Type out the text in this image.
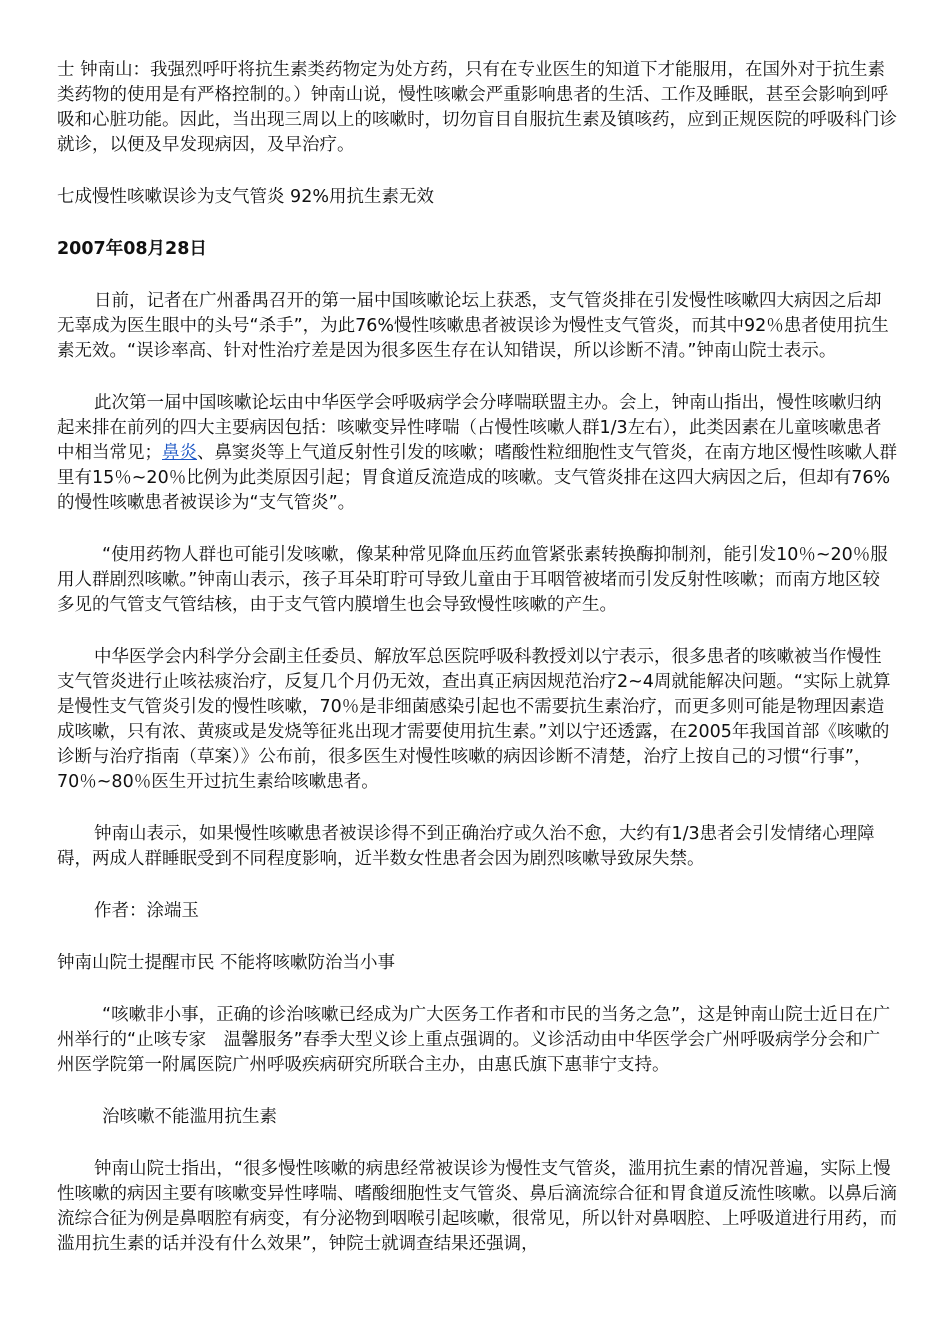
士 钟南山：我强烈呼吁将抗生素类药物定为处方药，只有在专业医生的知道下才能服用，在国外对于抗生素类药物的使用是有严格控制的。）钟南山说，慢性咳嗽会严重影响患者的生活、工作及睡眠，甚至会影响到呼吸和心脏功能。因此，当出现三周以上的咳嗽时，切勿盲目自服抗生素及镇咳药，应到正规医院的呼吸科门诊就诊，以便及早发现病因，及早治疗。

七成慢性咳嗽误诊为支气管炎 92%用抗生素无效

2007年08月28日

日前，记者在广州番禺召开的第一届中国咳嗽论坛上获悉，支气管炎排在引发慢性咳嗽四大病因之后却无辜成为医生眼中的头号“杀手”，为此76%慢性咳嗽患者被误诊为慢性支气管炎，而其中92％患者使用抗生素无效。“误诊率高、针对性治疗差是因为很多医生存在认知错误，所以诊断不清。”钟南山院士表示。

此次第一届中国咳嗽论坛由中华医学会呼吸病学会分哮喘联盟主办。会上，钟南山指出，慢性咳嗽归纳起来排在前列的四大主要病因包括：咳嗽变异性哮喘（占慢性咳嗽人群1/3左右），此类因素在儿童咳嗽患者中相当常见；鼻炎、鼻窦炎等上气道反射性引发的咳嗽；嗜酸性粒细胞性支气管炎，在南方地区慢性咳嗽人群里有15％~20％比例为此类原因引起；胃食道反流造成的咳嗽。支气管炎排在这四大病因之后，但却有76%的慢性咳嗽患者被误诊为“支气管炎”。

“使用药物人群也可能引发咳嗽，像某种常见降血压药血管紧张素转换酶抑制剂，能引发10％~20％服用人群剧烈咳嗽。”钟南山表示，孩子耳朵耵聍可导致儿童由于耳咽管被堵而引发反射性咳嗽；而南方地区较多见的气管支气管结核，由于支气管内膜增生也会导致慢性咳嗽的产生。

中华医学会内科学分会副主任委员、解放军总医院呼吸科教授刘以宁表示，很多患者的咳嗽被当作慢性支气管炎进行止咳祛痰治疗，反复几个月仍无效，查出真正病因规范治疗2~4周就能解决问题。“实际上就算是慢性支气管炎引发的慢性咳嗽，70％是非细菌感染引起也不需要抗生素治疗，而更多则可能是物理因素造成咳嗽，只有浓、黄痰或是发烧等征兆出现才需要使用抗生素。”刘以宁还透露，在2005年我国首部《咳嗽的诊断与治疗指南（草案）》公布前，很多医生对慢性咳嗽的病因诊断不清楚，治疗上按自己的习惯“行事”，70％~80％医生开过抗生素给咳嗽患者。

钟南山表示，如果慢性咳嗽患者被误诊得不到正确治疗或久治不愈，大约有1/3患者会引发情绪心理障碍，两成人群睡眠受到不同程度影响，近半数女性患者会因为剧烈咳嗽导致尿失禁。

作者：涂端玉

钟南山院士提醒市民 不能将咳嗽防治当小事

“咳嗽非小事，正确的诊治咳嗽已经成为广大医务工作者和市民的当务之急”，这是钟南山院士近日在广州举行的“止咳专家　温馨服务”春季大型义诊上重点强调的。义诊活动由中华医学会广州呼吸病学分会和广州医学院第一附属医院广州呼吸疾病研究所联合主办，由惠氏旗下惠菲宁支持。

治咳嗽不能滥用抗生素

钟南山院士指出，“很多慢性咳嗽的病患经常被误诊为慢性支气管炎，滥用抗生素的情况普遍，实际上慢性咳嗽的病因主要有咳嗽变异性哮喘、嗜酸细胞性支气管炎、鼻后滴流综合征和胃食道反流性咳嗽。以鼻后滴流综合征为例是鼻咽腔有病变，有分泌物到咽喉引起咳嗽，很常见，所以针对鼻咽腔、上呼吸道进行用药，而滥用抗生素的话并没有什么效果”，钟院士就调查结果还强调，
